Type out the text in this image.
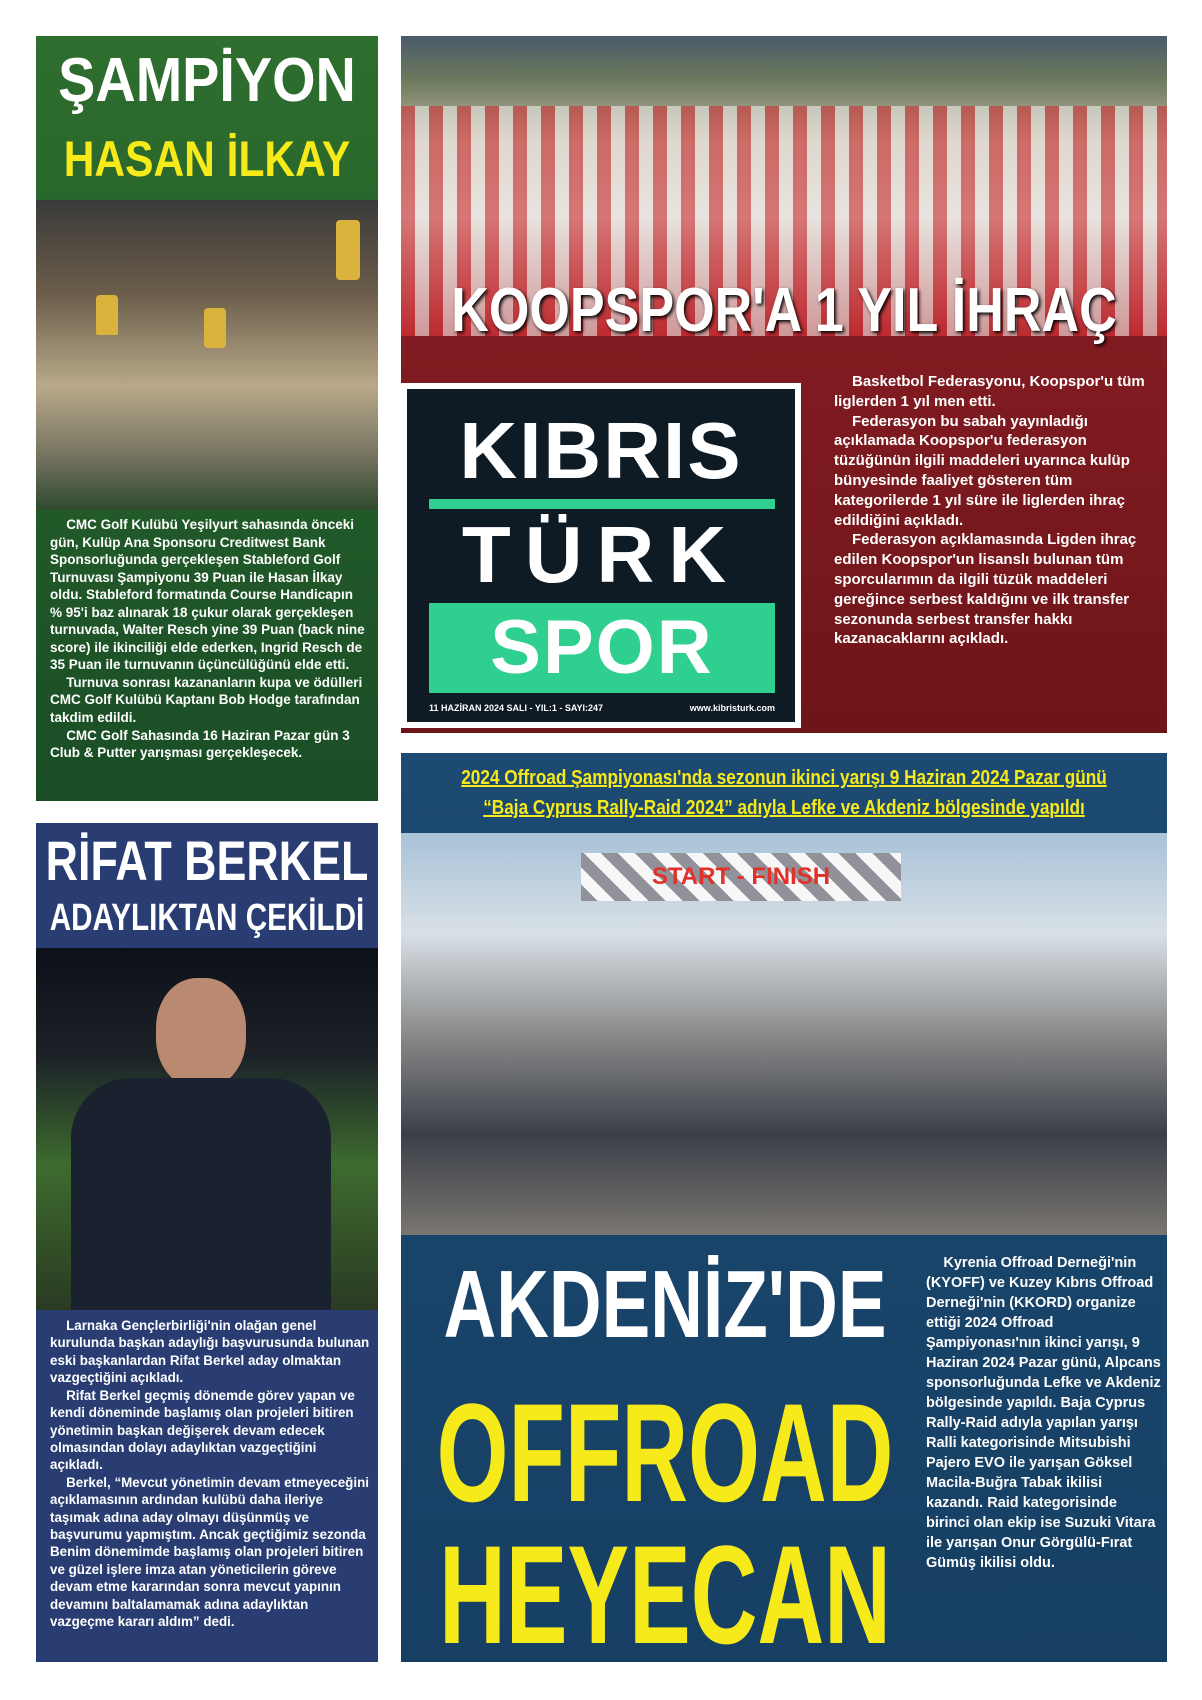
ŞAMPİYON
HASAN İLKAY

CMC Golf Kulübü Yeşilyurt sahasında önceki gün, Kulüp Ana Sponsoru Creditwest Bank Sponsorluğunda gerçekleşen Stableford Golf Turnuvası Şampiyonu 39 Puan ile Hasan İlkay oldu. Stableford formatında Course Handicapın % 95'i baz alınarak 18 çukur olarak gerçekleşen turnuvada, Walter Resch yine 39 Puan (back nine score) ile ikinciliği elde ederken, Ingrid Resch de 35 Puan ile turnuvanın üçüncülüğünü elde etti.

Turnuva sonrası kazananların kupa ve ödülleri CMC Golf Kulübü Kaptanı Bob Hodge tarafından takdim edildi.

CMC Golf Sahasında 16 Haziran Pazar gün 3 Club & Putter yarışması gerçekleşecek.

KOOPSPOR'A 1 YIL İHRAÇ

Basketbol Federasyonu, Koopspor'u tüm liglerden 1 yıl men etti.

Federasyon bu sabah yayınladığı açıklamada Koopspor'u federasyon tüzüğünün ilgili maddeleri uyarınca kulüp bünyesinde faaliyet gösteren tüm kategorilerde 1 yıl süre ile liglerden ihraç edildiğini açıkladı.

Federasyon açıklamasında Ligden ihraç edilen Koopspor'un lisanslı bulunan tüm sporcularımın da ilgili tüzük maddeleri gereğince serbest kaldığını ve ilk transfer sezonunda serbest transfer hakkı kazanacaklarını açıkladı.

KIBRIS
TÜRK
SPOR
11 HAZİRAN 2024 SALI - YIL:1 - SAYI:247	www.kibristurk.com
RİFAT BERKEL
ADAYLIKTAN ÇEKİLDİ

Larnaka Gençlerbirliği'nin olağan genel kurulunda başkan adaylığı başvurusunda bulunan eski başkanlardan Rifat Berkel aday olmaktan vazgeçtiğini açıkladı.

Rifat Berkel geçmiş dönemde görev yapan ve kendi döneminde başlamış olan projeleri bitiren yönetimin başkan değişerek devam edecek olmasından dolayı adaylıktan vazgeçtiğini açıkladı.

Berkel, “Mevcut yönetimin devam etmeyeceğini açıklamasının ardından kulübü daha ileriye taşımak adına aday olmayı düşünmüş ve başvurumu yapmıştım. Ancak geçtiğimiz sezonda Benim dönemimde başlamış olan projeleri bitiren ve güzel işlere imza atan yöneticilerin göreve devam etme kararından sonra mevcut yapının devamını baltalamamak adına adaylıktan vazgeçme kararı aldım” dedi.

2024 Offroad Şampiyonası'nda sezonun ikinci yarışı 9 Haziran 2024 Pazar günü
“Baja Cyprus Rally-Raid 2024” adıyla Lefke ve Akdeniz bölgesinde yapıldı
START - FINISH
AKDENİZ'DE
OFFROAD
HEYECAN

Kyrenia Offroad Derneği'nin (KYOFF) ve Kuzey Kıbrıs Offroad Derneği'nin (KKORD) organize ettiği 2024 Offroad Şampiyonası'nın ikinci yarışı, 9 Haziran 2024 Pazar günü, Alpcans sponsorluğunda Lefke ve Akdeniz bölgesinde yapıldı. Baja Cyprus Rally-Raid adıyla yapılan yarışı Ralli kategorisinde Mitsubishi Pajero EVO ile yarışan Göksel Macila-Buğra Tabak ikilisi kazandı. Raid kategorisinde birinci olan ekip ise Suzuki Vitara ile yarışan Onur Görgülü-Fırat Gümüş ikilisi oldu.
